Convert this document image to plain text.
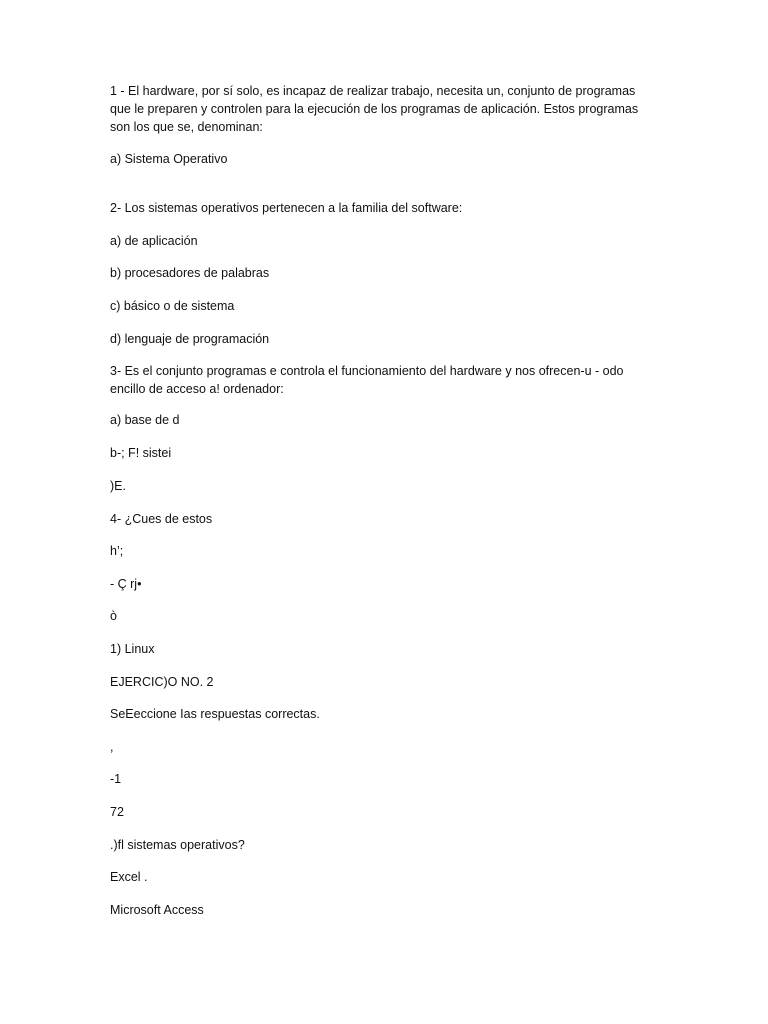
1 - El hardware, por sí solo, es incapaz de realizar trabajo, necesita un, conjunto de programas
que le preparen y controlen para la ejecución de los programas de aplicación. Estos programas
son los que se, denominan:
a) Sistema Operativo
2- Los sistemas operativos pertenecen a la familia del software:
a) de aplicación
b) procesadores de palabras
c) básico o de sistema
d) lenguaje de programación
3- Es el conjunto programas e controla el funcionamiento del hardware y nos ofrecen-u - odo
encillo de acceso a! ordenador:
a) base de d
b-; F! sistei
)E.
4- ¿Cues de estos
h’;
- Ç rj•
ò
1) Linux
EJERCIC)O NO. 2
SeEeccione Ias respuestas correctas.
,
-1
72
.)fl sistemas operativos?
Excel .
Microsoft Access
